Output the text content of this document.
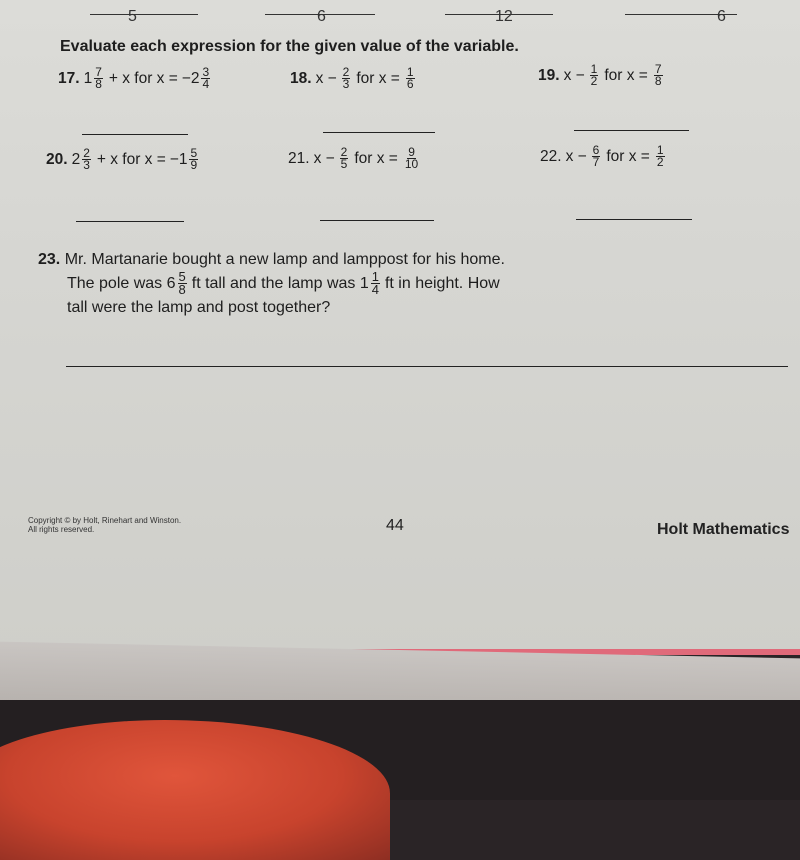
5	6	12	6
Evaluate each expression for the given value of the variable.
17. $1 \frac{7}{8} + x$ for $x = -2 \frac{3}{4}$	18. $x - \frac{2}{3}$ for $x = \frac{1}{6}$	19. $x - \frac{1}{2}$ for $x = \frac{7}{8}$
20. $2 \frac{2}{3} + x$ for $x = -1 \frac{5}{9}$	21. $x - \frac{2}{5}$ for $x = \frac{9}{10}$	22. $x - \frac{6}{7}$ for $x = \frac{1}{2}$
23. Mr. Martanarie bought a new lamp and lamppost for his home.
The pole was $6 \frac{5}{8}$ ft tall and the lamp was $1 \frac{1}{4}$ ft in height. How
tall were the lamp and post together?
Copyright © by Holt, Rinehart and Winston.
All rights reserved.	44	Holt Mathematics
